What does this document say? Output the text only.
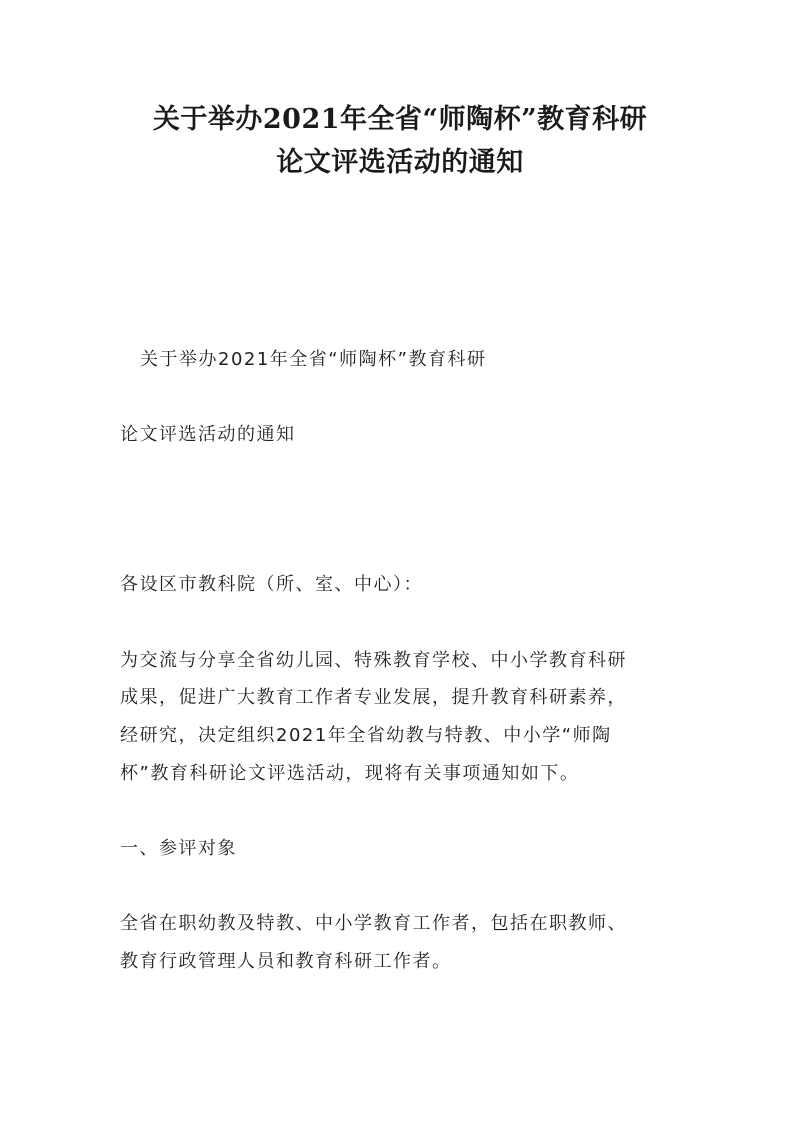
关于举办2021年全省“师陶杯”教育科研
论文评选活动的通知

关于举办2021年全省“师陶杯”教育科研

论文评选活动的通知

各设区市教科院（所、室、中心）：

为交流与分享全省幼儿园、特殊教育学校、中小学教育科研

成果，促进广大教育工作者专业发展，提升教育科研素养，

经研究，决定组织2021年全省幼教与特教、中小学“师陶

杯”教育科研论文评选活动，现将有关事项通知如下。

一、参评对象

全省在职幼教及特教、中小学教育工作者，包括在职教师、

教育行政管理人员和教育科研工作者。
